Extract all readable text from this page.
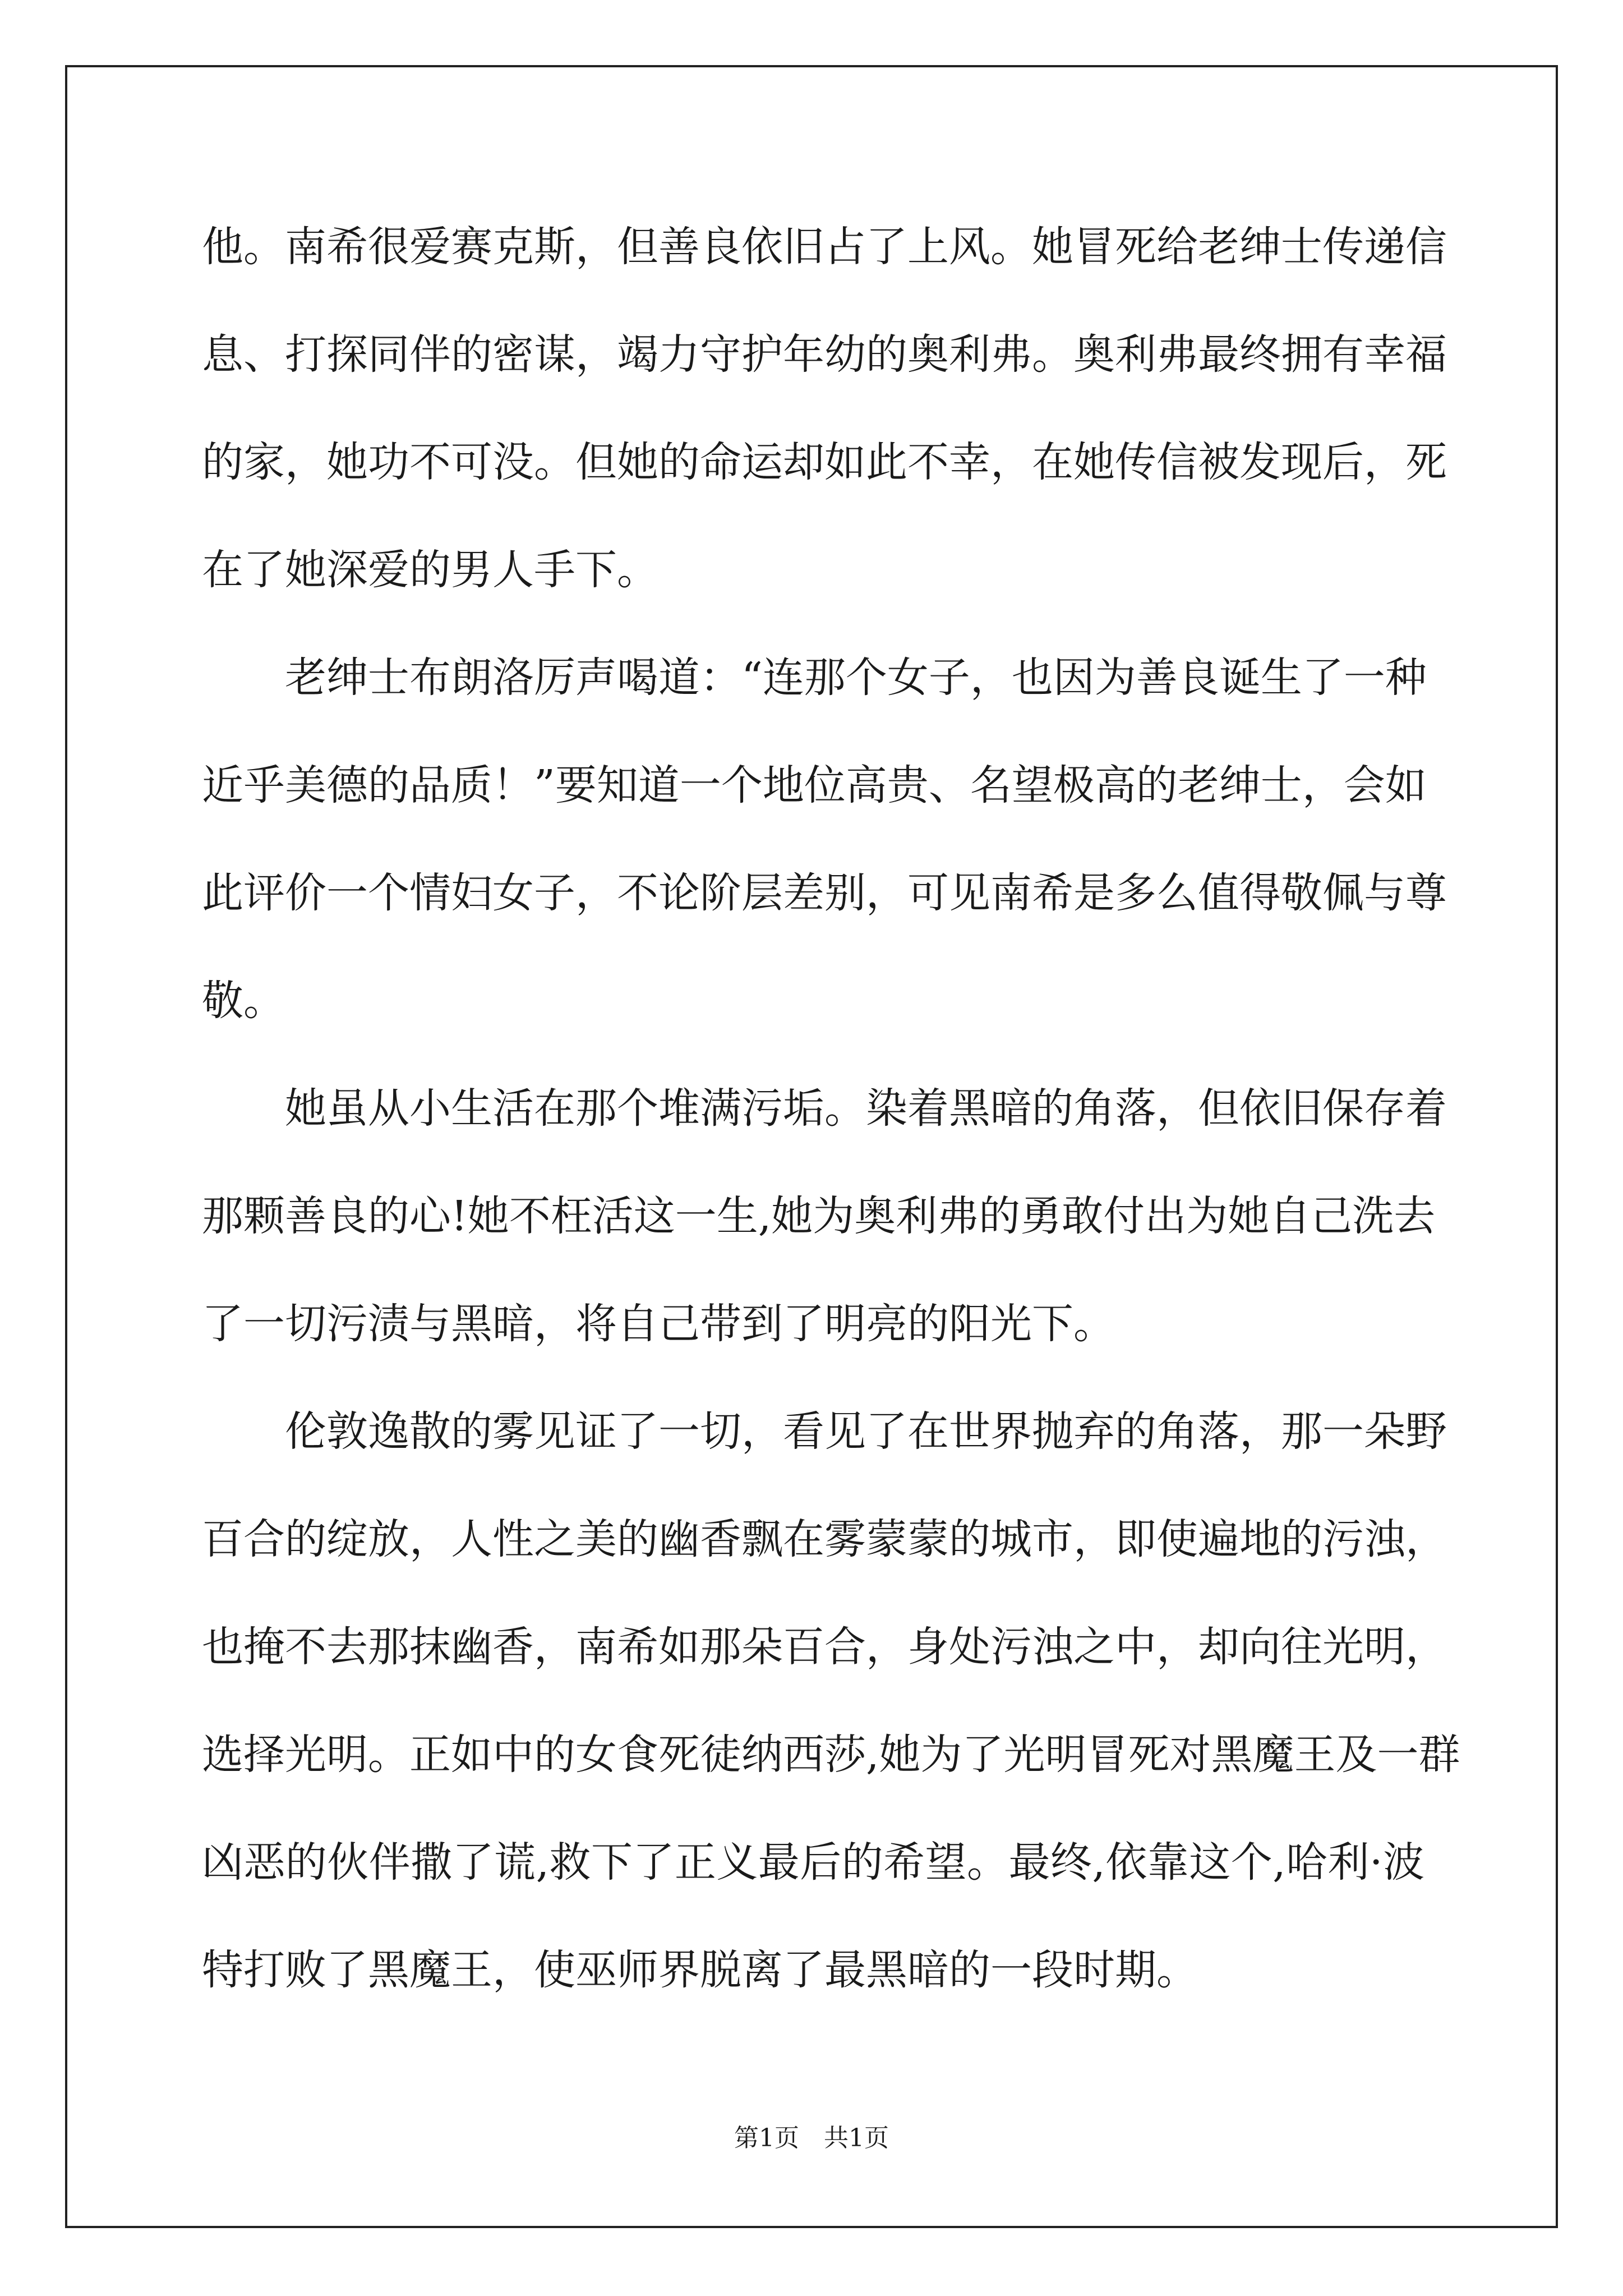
他。南希很爱赛克斯，但善良依旧占了上风。她冒死给老绅士传递信
息、打探同伴的密谋，竭力守护年幼的奥利弗。奥利弗最终拥有幸福
的家，她功不可没。但她的命运却如此不幸，在她传信被发现后，死
在了她深爱的男人手下。
老绅士布朗洛厉声喝道：“连那个女子，也因为善良诞生了一种
近乎美德的品质！”要知道一个地位高贵、名望极高的老绅士，会如
此评价一个情妇女子，不论阶层差别，可见南希是多么值得敬佩与尊
敬。
她虽从小生活在那个堆满污垢。染着黑暗的角落，但依旧保存着
那颗善良的心!她不枉活这一生,她为奥利弗的勇敢付出为她自己洗去
了一切污渍与黑暗，将自己带到了明亮的阳光下。
伦敦逸散的雾见证了一切，看见了在世界抛弃的角落，那一朵野
百合的绽放，人性之美的幽香飘在雾蒙蒙的城市，即使遍地的污浊，
也掩不去那抹幽香，南希如那朵百合，身处污浊之中，却向往光明，
选择光明。正如中的女食死徒纳西莎,她为了光明冒死对黑魔王及一群
凶恶的伙伴撒了谎,救下了正义最后的希望。最终,依靠这个,哈利·波
特打败了黑魔王，使巫师界脱离了最黑暗的一段时期。
第1页　共1页
